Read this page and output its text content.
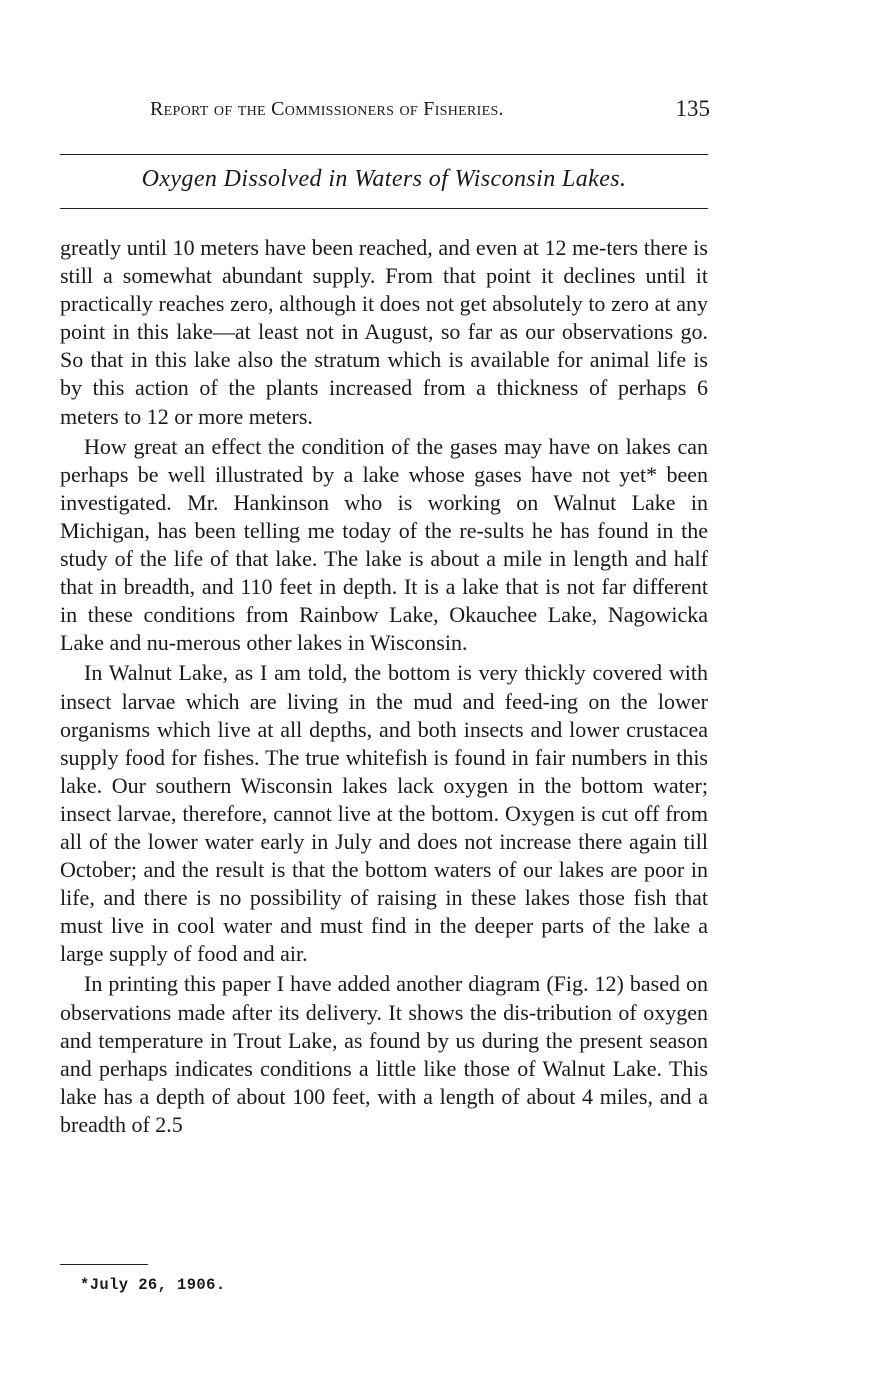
Report of the Commissioners of Fisheries.	135
Oxygen Dissolved in Waters of Wisconsin Lakes.

greatly until 10 meters have been reached, and even at 12 me-ters there is still a somewhat abundant supply. From that point it declines until it practically reaches zero, although it does not get absolutely to zero at any point in this lake—at least not in August, so far as our observations go. So that in this lake also the stratum which is available for animal life is by this action of the plants increased from a thickness of perhaps 6 meters to 12 or more meters.

How great an effect the condition of the gases may have on lakes can perhaps be well illustrated by a lake whose gases have not yet* been investigated. Mr. Hankinson who is working on Walnut Lake in Michigan, has been telling me today of the re-sults he has found in the study of the life of that lake. The lake is about a mile in length and half that in breadth, and 110 feet in depth. It is a lake that is not far different in these conditions from Rainbow Lake, Okauchee Lake, Nagowicka Lake and nu-merous other lakes in Wisconsin.

In Walnut Lake, as I am told, the bottom is very thickly covered with insect larvae which are living in the mud and feed-ing on the lower organisms which live at all depths, and both insects and lower crustacea supply food for fishes. The true whitefish is found in fair numbers in this lake. Our southern Wisconsin lakes lack oxygen in the bottom water; insect larvae, therefore, cannot live at the bottom. Oxygen is cut off from all of the lower water early in July and does not increase there again till October; and the result is that the bottom waters of our lakes are poor in life, and there is no possibility of raising in these lakes those fish that must live in cool water and must find in the deeper parts of the lake a large supply of food and air.

In printing this paper I have added another diagram (Fig. 12) based on observations made after its delivery. It shows the dis-tribution of oxygen and temperature in Trout Lake, as found by us during the present season and perhaps indicates conditions a little like those of Walnut Lake. This lake has a depth of about 100 feet, with a length of about 4 miles, and a breadth of 2.5

*July 26, 1906.
